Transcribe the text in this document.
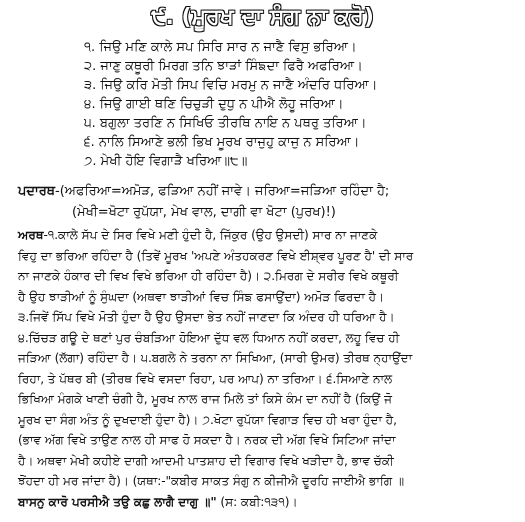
੯. (ਮੂਰਖ ਦਾ ਸੰਗ ਨਾ ਕਰੋ)
੧. ਜਿਉ ਮਣਿ ਕਾਲੇ ਸਪ ਸਿਰਿ ਸਾਰ ਨ ਜਾਣੈ ਵਿਸੁ ਭਰਿਆ।
੨. ਜਾਣੁ ਕਥੂਰੀ ਮਿਰਗ ਤਨਿ ਝਾੜਾਂ ਸਿੰਙਦਾ ਫਿਰੈ ਅਫਰਿਆ।
੩. ਜਿਉ ਕਰਿ ਮੋਤੀ ਸਿਪ ਵਿਚਿ ਮਰਮੁ ਨ ਜਾਣੈ ਅੰਦਰਿ ਧਰਿਆ।
੪. ਜਿਉ ਗਾਈ ਥਣਿ ਚਿਚੁੜੀ ਦੁਧੁ ਨ ਪੀਐ ਲੋਹੂ ਜਰਿਆ।
੫. ਬਗੁਲਾ ਤਰਣਿ ਨ ਸਿਖਿਓ ਤੀਰਥਿ ਨਾਇ ਨ ਪਥਰੁ ਤਰਿਆ।
੬. ਨਾਲਿ ਸਿਆਣੇ ਭਲੀ ਭਿਖ ਮੂਰਖ ਰਾਜੁਹੁ ਕਾਜੁ ਨ ਸਰਿਆ।
੭. ਮੇਖੀ ਹੋਇ ਵਿਗਾੜੈ ਖਰਿਆ॥੮॥
ਪਦਾਰਥ-(ਅਫਰਿਆ=ਅਮੋੜ, ਫੜਿਆ ਨਹੀਂ ਜਾਵੇ। ਜਰਿਆ=ਜੜਿਆ ਰਹਿੰਦਾ ਹੈ;
(ਮੇਖੀ=ਖੋਟਾ ਰੁਪੱਯਾ, ਮੇਖ ਵਾਲ, ਦਾਗੀ ਵਾ ਖੋਟਾ (ਪੁਰਖ)!)
ਅਰਥ-੧.ਕਾਲੇ ਸੱਪ ਦੇ ਸਿਰ ਵਿਖੇ ਮਣੀ ਹੁੰਦੀ ਹੈ, ਜਿੱਕੁਰ (ਉਹ ਉਸਦੀ) ਸਾਰ ਨਾ ਜਾਣਕੇ
ਵਿਹੁ ਦਾ ਭਰਿਆ ਰਹਿੰਦਾ ਹੈ (ਤਿਵੇਂ ਮੂਰਖ 'ਅਪਣੇ ਅੰਤਹਕਰਣ ਵਿਖੇ ਈਸ਼੍ਵਰ ਪੂਰਣ ਹੈ' ਦੀ ਸਾਰ
ਨਾ ਜਾਣਕੇ ਹੰਕਾਰ ਦੀ ਵਿਖ ਵਿਖੇ ਭਰਿਆ ਹੀ ਰਹਿੰਦਾ ਹੈ)। ੨.ਮਿਰਗ ਦੇ ਸਰੀਰ ਵਿਖੇ ਕਥੂਰੀ
ਹੈ ਉਹ ਝਾੜੀਆਂ ਨੂੰ ਸੁੰਘਦਾ (ਅਥਵਾ ਝਾੜੀਆਂ ਵਿਚ ਸਿੰਙ ਫਸਾਉਂਦਾ) ਅਮੋੜ ਫਿਰਦਾ ਹੈ।
੩.ਜਿਵੇਂ ਸਿੱਪ ਵਿਖੇ ਮੋਤੀ ਹੁੰਦਾ ਹੈ ਉਹ ਉਸਦਾ ਭੇਤ ਨਹੀਂ ਜਾਣਦਾ ਕਿ ਅੰਦਰ ਹੀ ਧਰਿਆ ਹੈ।
੪.ਚਿੱਚੜ ਗਊ ਦੇ ਥਣਾਂ ਪੁਰ ਚੰਬੜਿਆ ਹੋਇਆ ਦੁੱਧ ਵਲ ਧਿਆਨ ਨਹੀਂ ਕਰਦਾ, ਲਹੂ ਵਿਚ ਹੀ
ਜੜਿਆ (ਲੱਗਾ) ਰਹਿੰਦਾ ਹੈ। ੫.ਬਗਲੇ ਨੇ ਤਰਨਾ ਨਾ ਸਿਖਿਆ, (ਸਾਰੀ ਉਮਰ) ਤੀਰਥ ਨ੍ਹਾਉਂਦਾ
ਰਿਹਾ, ਤੇ ਪੱਥਰ ਬੀ (ਤੀਰਥ ਵਿਖੇ ਵਸਦਾ ਰਿਹਾ, ਪਰ ਆਪ) ਨਾ ਤਰਿਆ। ੬.ਸਿਆਣੇ ਨਾਲ
ਭਿਖਿਆ ਮੰਗਕੇ ਖਾਣੀ ਚੰਗੀ ਹੈ, ਮੂਰਖ ਨਾਲ ਰਾਜ ਮਿਲੇ ਤਾਂ ਕਿਸੇ ਕੰਮ ਦਾ ਨਹੀਂ ਹੈ (ਕਿਉਂ ਜੋ
ਮੂਰਖ ਦਾ ਸੰਗ ਅੰਤ ਨੂੰ ਦੁਖਦਾਈ ਹੁੰਦਾ ਹੈ)। ੭.ਖੋਟਾ ਰੁਪੱਯਾ ਵਿਗਾੜ ਵਿਚ ਹੀ ਖਰਾ ਹੁੰਦਾ ਹੈ,
(ਭਾਵ ਅੱਗ ਵਿਖੇ ਤਾਉਣ ਨਾਲ ਹੀ ਸਾਫ ਹੋ ਸਕਦਾ ਹੈ। ਨਰਕ ਦੀ ਅੱਗ ਵਿਖੇ ਸਿਟਿਆ ਜਾਂਦਾ
ਹੈ। ਅਥਵਾ ਮੇਖੀ ਕਹੀਏ ਦਾਗੀ ਆਦਮੀ ਪਾਤਸ਼ਾਹ ਦੀ ਵਿਗਾਰ ਵਿਖੇ ਖੜੀਦਾ ਹੈ, ਭਾਵ ਚੱਕੀ
ਝੋਂਹਦਾ ਹੀ ਮਰ ਜਾਂਦਾ ਹੈ)। (ਯਥਾ:-"ਕਬੀਰ ਸਾਕਤ ਸੰਗੁ ਨ ਕੀਜੀਐ ਦੂਰਹਿ ਜਾਈਐ ਭਾਗਿ ॥
ਬਾਸਨੁ ਕਾਰੋ ਪਰਸੀਐ ਤਉ ਕਛੁ ਲਾਗੈ ਦਾਗੁ ॥" (ਸ: ਕਬੀ:੧੩੧)।
